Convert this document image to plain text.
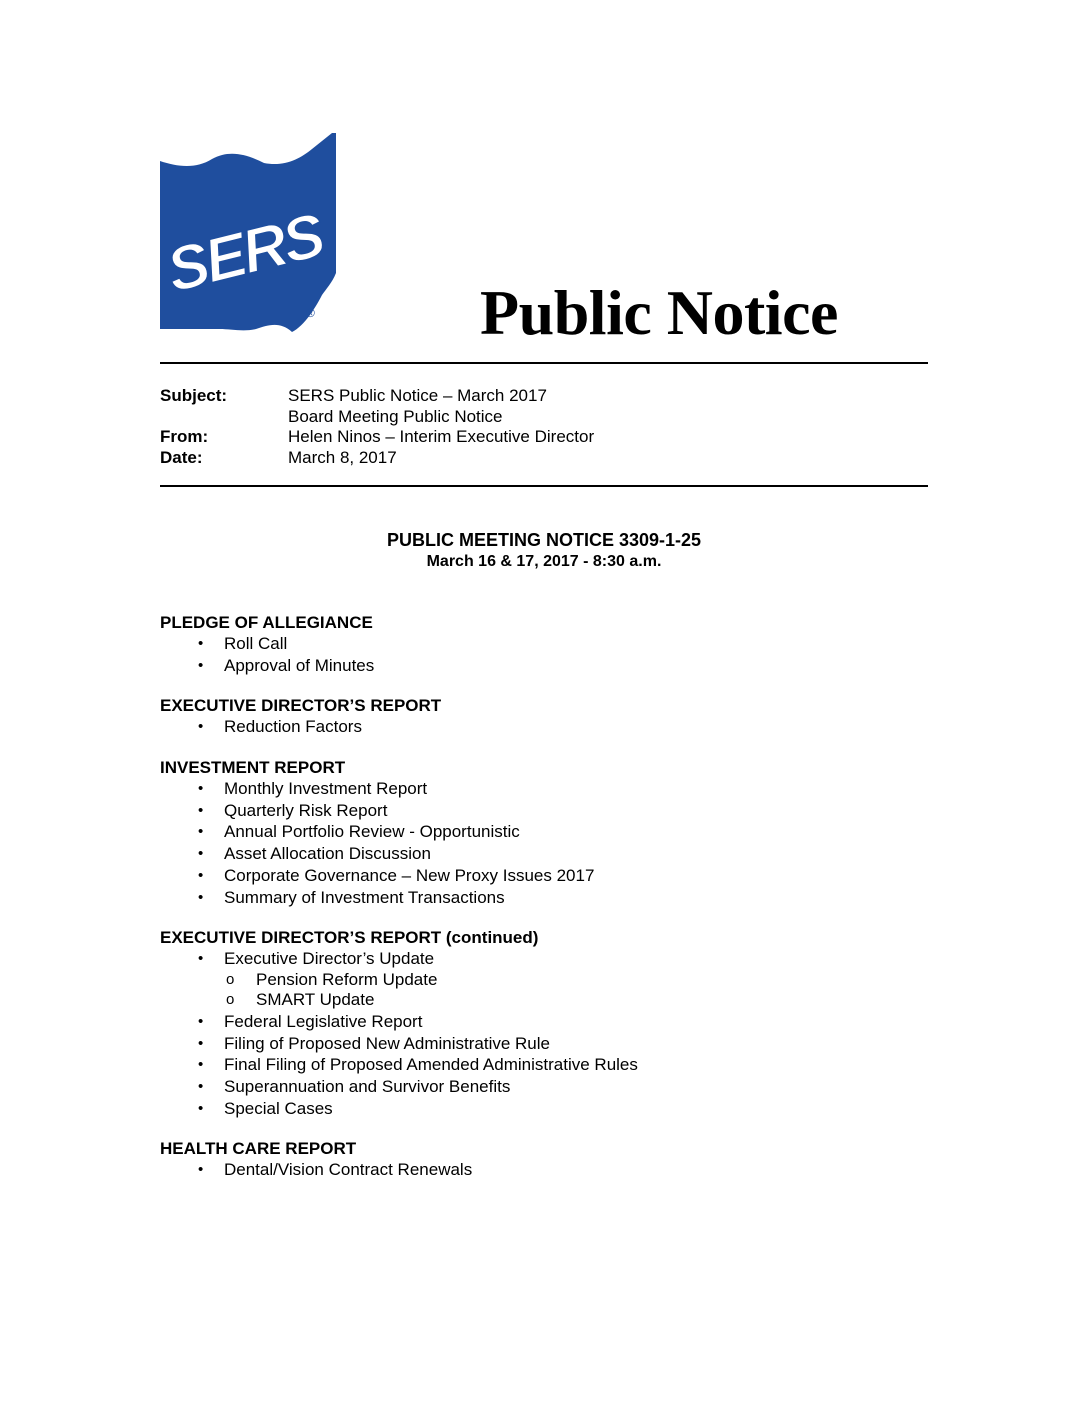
SERS
®	Public Notice
Subject:	SERS Public Notice – March 2017
Board Meeting Public Notice
From:	Helen Ninos – Interim Executive Director
Date:	March 8, 2017
PUBLIC MEETING NOTICE 3309-1-25
March 16 & 17, 2017 - 8:30 a.m.
PLEDGE OF ALLEGIANCE
• Roll Call
• Approval of Minutes
EXECUTIVE DIRECTOR’S REPORT
• Reduction Factors
INVESTMENT REPORT
• Monthly Investment Report
• Quarterly Risk Report
• Annual Portfolio Review - Opportunistic
• Asset Allocation Discussion
• Corporate Governance – New Proxy Issues 2017
• Summary of Investment Transactions
EXECUTIVE DIRECTOR’S REPORT (continued)
• Executive Director’s Update
o Pension Reform Update
o SMART Update
• Federal Legislative Report
• Filing of Proposed New Administrative Rule
• Final Filing of Proposed Amended Administrative Rules
• Superannuation and Survivor Benefits
• Special Cases
HEALTH CARE REPORT
• Dental/Vision Contract Renewals
